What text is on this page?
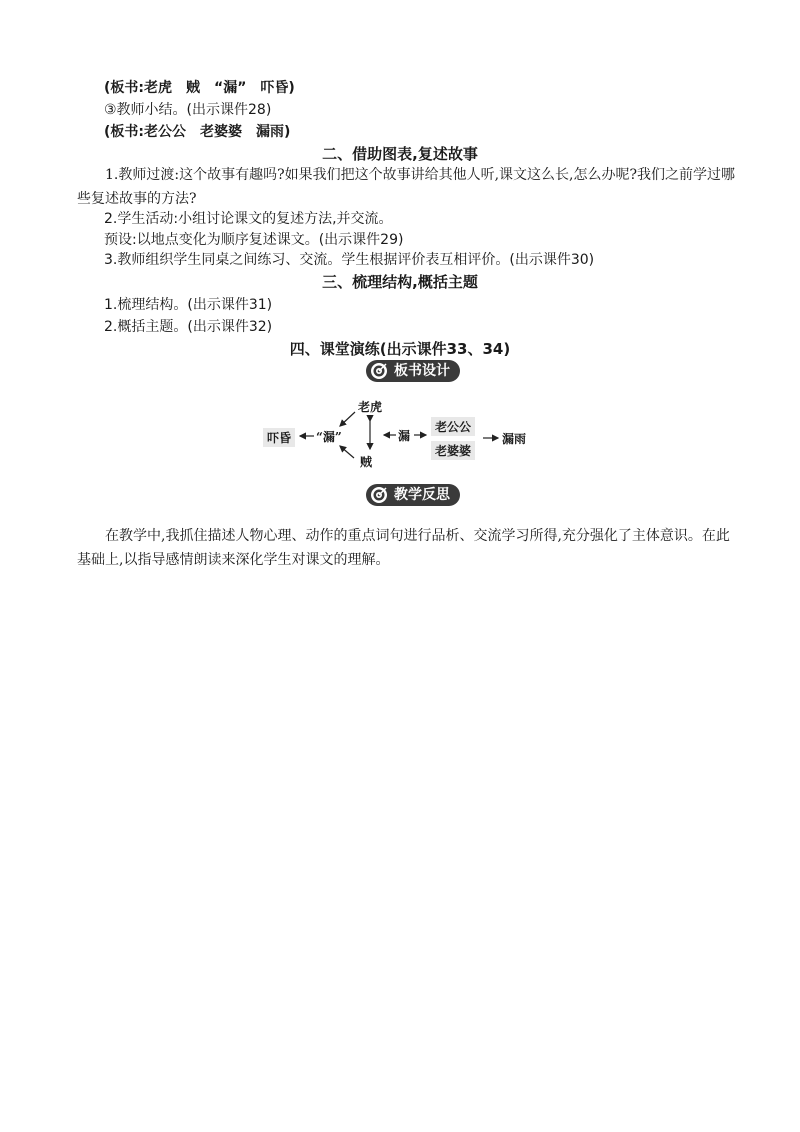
(板书:老虎　贼　“漏”　吓昏)
③教师小结。(出示课件28)
(板书:老公公　老婆婆　漏雨)
二、借助图表,复述故事
1.教师过渡:这个故事有趣吗?如果我们把这个故事讲给其他人听,课文这么长,怎么办呢?我们之前学过哪些复述故事的方法?
2.学生活动:小组讨论课文的复述方法,并交流。
预设:以地点变化为顺序复述课文。(出示课件29)
3.教师组织学生同桌之间练习、交流。学生根据评价表互相评价。(出示课件30)
三、梳理结构,概括主题
1.梳理结构。(出示课件31)
2.概括主题。(出示课件32)
四、课堂演练(出示课件33、34)
板书设计
老虎
吓昏	“漏”
贼
漏
老公公
老婆婆
漏雨
教学反思
在教学中,我抓住描述人物心理、动作的重点词句进行品析、交流学习所得,充分强化了主体意识。在此基础上,以指导感情朗读来深化学生对课文的理解。
